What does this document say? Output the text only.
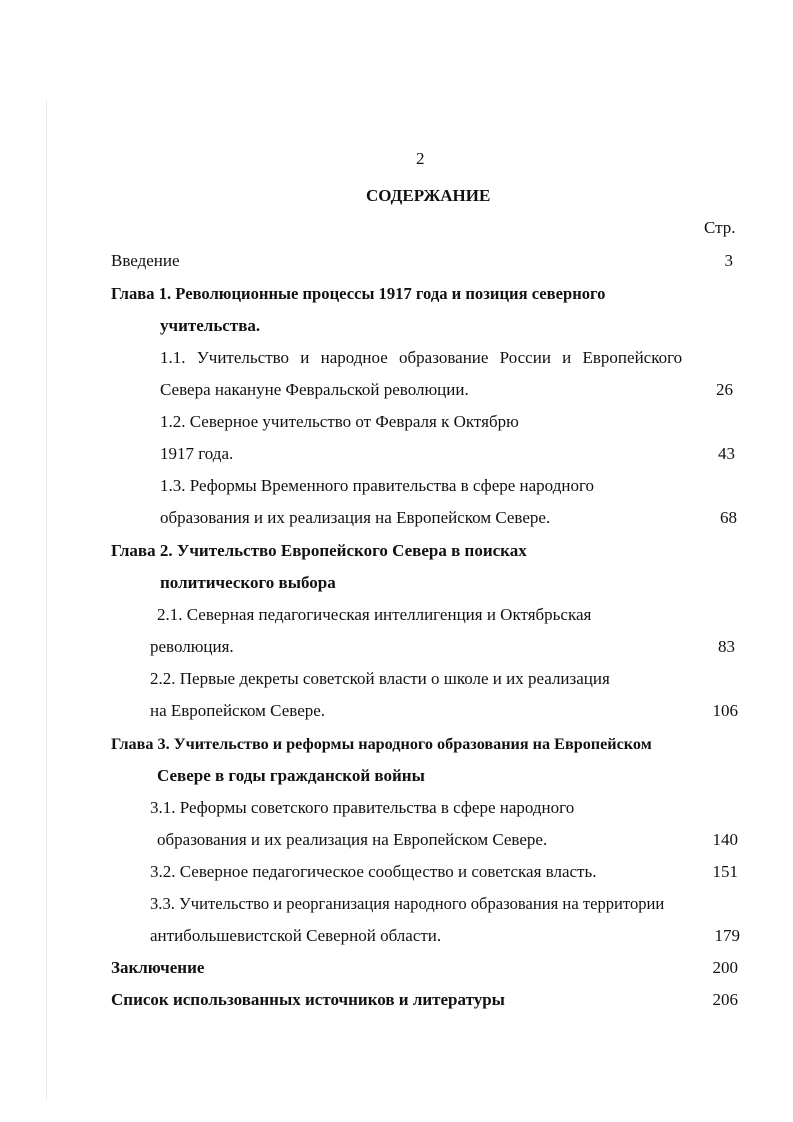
2
СОДЕРЖАНИЕ
Стр.
Введение	3
Глава 1. Революционные процессы 1917 года и позиция северного
учительства.
1.1. Учительство и народное образование России и Европейского
Севера накануне Февральской революции.	26
1.2. Северное учительство от Февраля к Октябрю
1917 года.	43
1.3. Реформы Временного правительства в сфере народного
образования и их реализация на Европейском Севере.	68
Глава 2. Учительство Европейского Севера в поисках
политического выбора
2.1. Северная педагогическая интеллигенция и Октябрьская
революция.	83
2.2. Первые декреты советской власти о школе и их реализация
на Европейском Севере.	106
Глава 3. Учительство и реформы народного образования на Европейском
Севере в годы гражданской войны
3.1. Реформы советского правительства в сфере народного
образования и их реализация на Европейском Севере.	140
3.2. Северное педагогическое сообщество и советская власть.	151
3.3. Учительство и реорганизация народного образования на территории
антибольшевистской Северной области.	179
Заключение	200
Список использованных источников и литературы	206
